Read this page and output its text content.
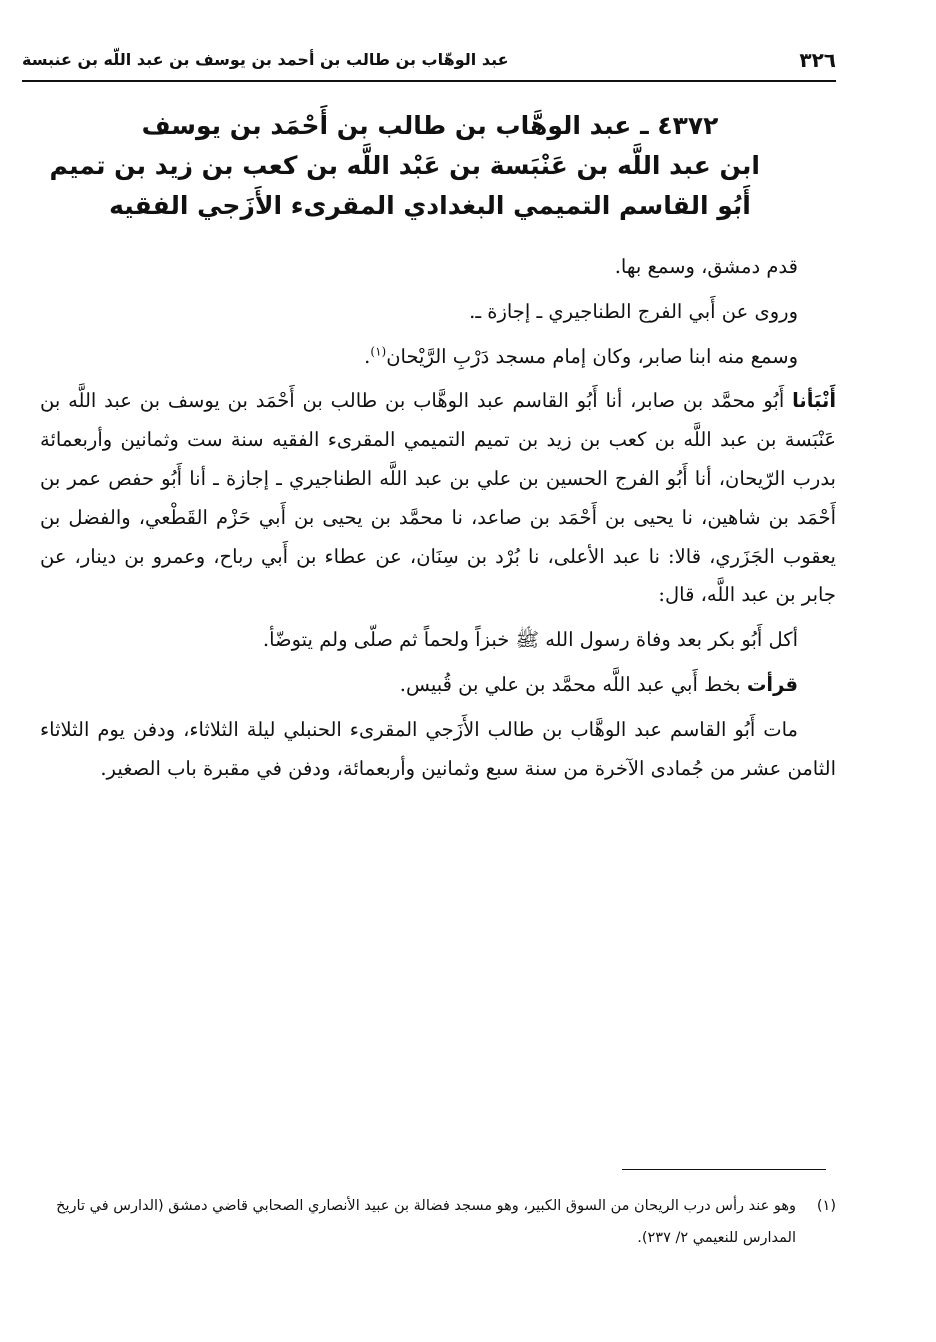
٣٢٦
عبد الوهّاب بن طالب بن أحمد بن يوسف بن عبد اللّه بن عنبسة
٤٣٧٢ ـ عبد الوهَّاب بن طالب بن أَحْمَد بن يوسف
ابن عبد اللَّه بن عَنْبَسة بن عَبْد اللَّه بن كعب بن زيد بن تميم
أَبُو القاسم التميمي البغدادي المقرىء الأَزَجي الفقيه

قدم دمشق، وسمع بها.

وروى عن أَبي الفرج الطناجيري ـ إجازة ـ.

وسمع منه ابنا صابر، وكان إمام مسجد دَرْبِ الرَّيْحان$^{(١)}$.

أَنْبَأنا أَبُو محمَّد بن صابر، أنا أَبُو القاسم عبد الوهَّاب بن طالب بن أَحْمَد بن يوسف بن عبد اللَّه بن عَنْبَسة بن عبد اللَّه بن كعب بن زيد بن تميم التميمي المقرىء الفقيه سنة ست وثمانين وأربعمائة بدرب الرّيحان، أنا أَبُو الفرج الحسين بن علي بن عبد اللَّه الطناجيري ـ إجازة ـ أنا أَبُو حفص عمر بن أَحْمَد بن شاهين، نا يحيى بن أَحْمَد بن صاعد، نا محمَّد بن يحيى بن أَبي حَزْم القَطْعي، والفضل بن يعقوب الجَزَري، قالا: نا عبد الأعلى، نا بُرْد بن سِنَان، عن عطاء بن أَبي رباح، وعمرو بن دينار، عن جابر بن عبد اللَّه، قال:

أكل أَبُو بكر بعد وفاة رسول الله ﷺ خبزاً ولحماً ثم صلّى ولم يتوضّأ.

قرأت بخط أَبي عبد اللَّه محمَّد بن علي بن قُبيس.

مات أَبُو القاسم عبد الوهَّاب بن طالب الأَزَجي المقرىء الحنبلي ليلة الثلاثاء، ودفن يوم الثلاثاء الثامن عشر من جُمادى الآخرة من سنة سبع وثمانين وأربعمائة، ودفن في مقبرة باب الصغير.

(١)
وهو عند رأس درب الريحان من السوق الكبير، وهو مسجد فضالة بن عبيد الأنصاري الصحابي قاضي دمشق (الدارس في تاريخ المدارس للنعيمي ٢/ ٢٣٧).
